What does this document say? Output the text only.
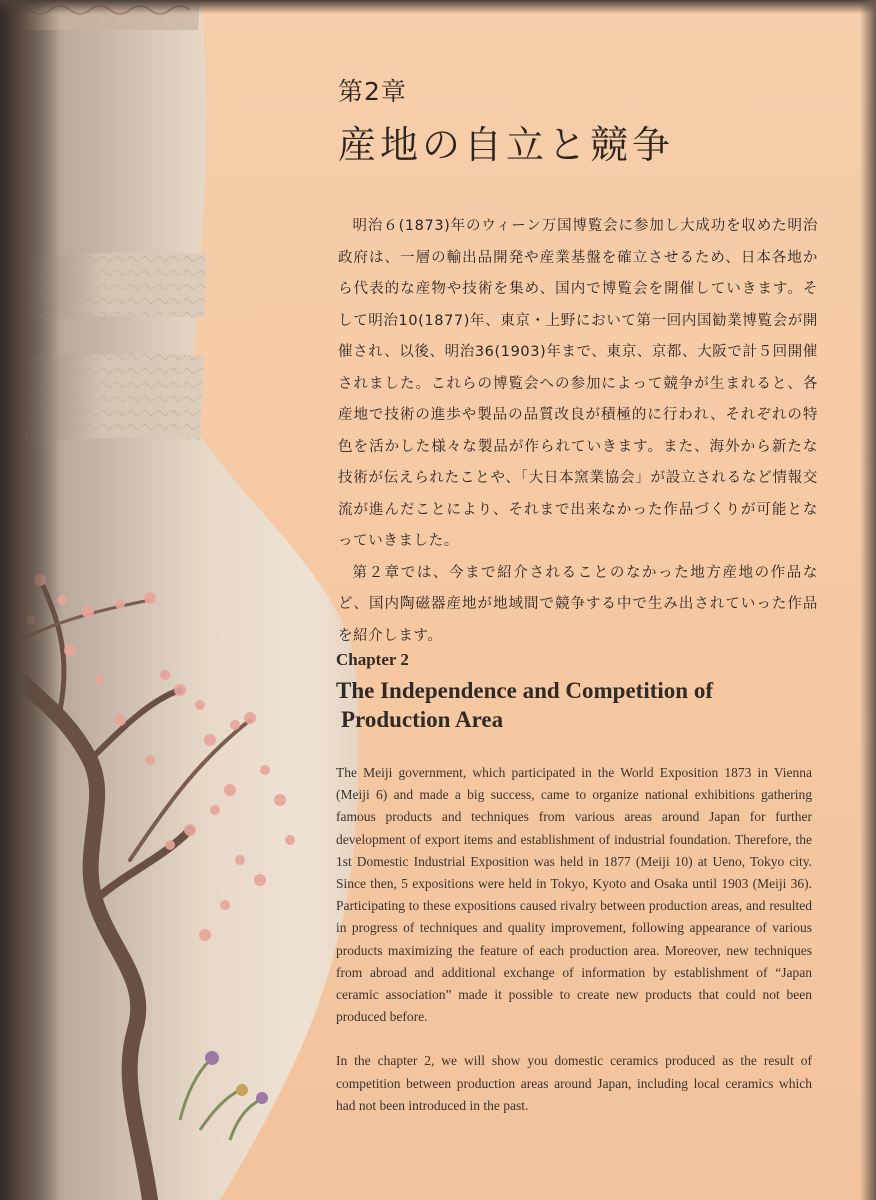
第2章
産地の自立と競争

明治６(1873)年のウィーン万国博覧会に参加し大成功を収めた明治政府は、一層の輸出品開発や産業基盤を確立させるため、日本各地から代表的な産物や技術を集め、国内で博覧会を開催していきます。そして明治10(1877)年、東京・上野において第一回内国勧業博覧会が開催され、以後、明治36(1903)年まで、東京、京都、大阪で計５回開催されました。これらの博覧会への参加によって競争が生まれると、各産地で技術の進歩や製品の品質改良が積極的に行われ、それぞれの特色を活かした様々な製品が作られていきます。また、海外から新たな技術が伝えられたことや、「大日本窯業協会」が設立されるなど情報交流が進んだことにより、それまで出来なかった作品づくりが可能となっていきました。

第２章では、今まで紹介されることのなかった地方産地の作品など、国内陶磁器産地が地域間で競争する中で生み出されていった作品を紹介します。

Chapter 2
The Independence and Competition of
Production Area

The Meiji government, which participated in the World Exposition 1873 in Vienna (Meiji 6) and made a big success, came to organize national exhibitions gathering famous products and techniques from various areas around Japan for further development of export items and establishment of industrial foundation. Therefore, the 1st Domestic Industrial Exposition was held in 1877 (Meiji 10) at Ueno, Tokyo city. Since then, 5 expositions were held in Tokyo, Kyoto and Osaka until 1903 (Meiji 36). Participating to these expositions caused rivalry between production areas, and resulted in progress of techniques and quality improvement, following appearance of various products maximizing the feature of each production area. Moreover, new techniques from abroad and additional exchange of information by establishment of “Japan ceramic association” made it possible to create new products that could not been produced before.

In the chapter 2, we will show you domestic ceramics produced as the result of competition between production areas around Japan, including local ceramics which had not been introduced in the past.
